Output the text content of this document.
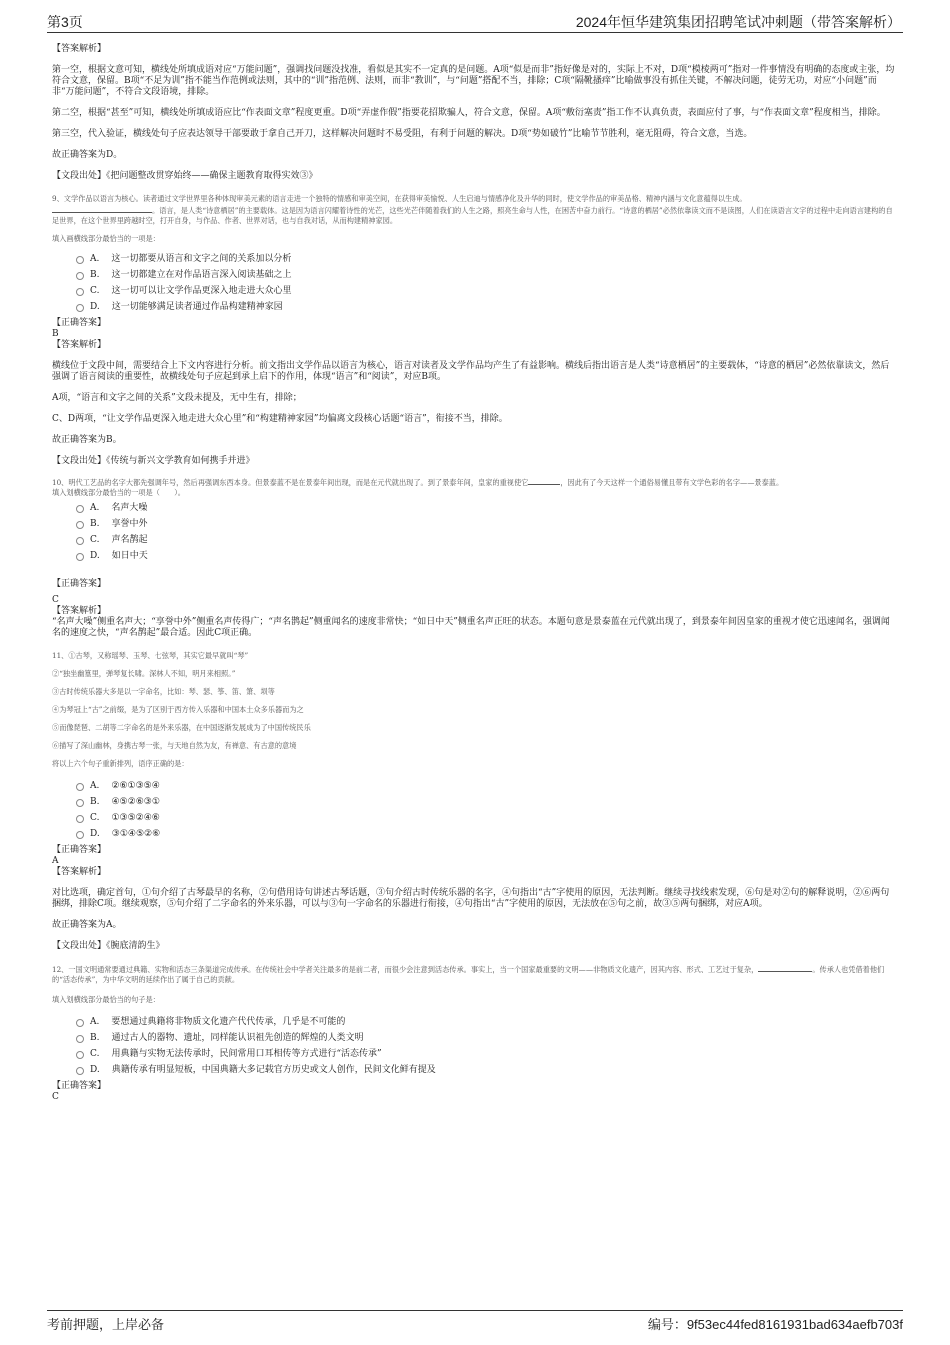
第3页	2024年恒华建筑集团招聘笔试冲刺题（带答案解析）

【答案解析】

第一空，根据文意可知，横线处所填成语对应“万能问题”，强调找问题没找准，看似是其实不一定真的是问题。A项“似是而非”指好像是对的，实际上不对，D项“模棱两可”指对一件事情没有明确的态度或主张，均符合文意，保留。B项“不足为训”指不能当作范例或法则，其中的“训”指范例、法则，而非“教训”，与“问题”搭配不当，排除；C项“隔靴搔痒”比喻做事没有抓住关键，不解决问题，徒劳无功，对应“小问题”而非“万能问题”，不符合文段语境，排除。

第二空，根据“甚至”可知，横线处所填成语应比“作表面文章”程度更重。D项“弄虚作假”指要花招欺骗人，符合文意，保留。A项“敷衍塞责”指工作不认真负责，表面应付了事，与“作表面文章”程度相当，排除。

第三空，代入验证，横线处句子应表达领导干部要敢于拿自己开刀，这样解决问题时不易受阻，有利于问题的解决。D项“势如破竹”比喻节节胜利，毫无阻碍，符合文意，当选。

故正确答案为D。

【文段出处】《把问题整改贯穿始终——确保主题教育取得实效③》

9、文学作品以语言为核心。读者通过文学世界里各种体现审美元素的语言走进一个独特的情感和审美空间，在获得审美愉悦、人生启迪与情感净化及升华的同时，使文学作品的审美品格、精神内涵与文化意蕴得以生成。
。语言，是人类“诗意栖居”的主要载体。这是因为语言闪耀着诗性的光芒，这些光芒伴随着我们的人生之路，照亮生命与人性，在困苦中奋力前行。“诗意的栖居”必然依靠读文而不是读图，人们在读语言文字的过程中走向语言建构的自足世界，在这个世界里跨越时空，打开自身，与作品、作者、世界对话，也与自我对话，从而构建精神家园。

填入画横线部分最恰当的一项是：

A. 这一切都要从语言和文字之间的关系加以分析
B. 这一切都建立在对作品语言深入阅读基础之上
C. 这一切可以让文学作品更深入地走进大众心里
D. 这一切能够满足读者通过作品构建精神家园

【正确答案】

B

【答案解析】

横线位于文段中间，需要结合上下文内容进行分析。前文指出文学作品以语言为核心，语言对读者及文学作品均产生了有益影响。横线后指出语言是人类“诗意栖居”的主要载体，“诗意的栖居”必然依靠读文，然后强调了语言阅读的重要性，故横线处句子应起到承上启下的作用，体现“语言”和“阅读”，对应B项。

A项，“语言和文字之间的关系”文段未提及，无中生有，排除；

C、D两项，“让文学作品更深入地走进大众心里”和“构建精神家园”均偏离文段核心话题“语言”，衔接不当，排除。

故正确答案为B。

【文段出处】《传统与新兴文学教育如何携手并进》

10、明代工艺品的名字大都先强调年号，然后再强调东西本身。但景泰蓝不是在景泰年间出现，而是在元代就出现了。到了景泰年间，皇家的重视使它	，因此有了今天这样一个通俗易懂且带有文学色彩的名字——景泰蓝。

填入划横线部分最恰当的一项是（　　）。

A. 名声大噪
B. 享誉中外
C. 声名鹊起
D. 如日中天

【正确答案】

C

【答案解析】

“名声大噪”侧重名声大；“享誉中外”侧重名声传得广；“声名鹊起”侧重闻名的速度非常快；“如日中天”侧重名声正旺的状态。本题句意是景泰蓝在元代就出现了，到景泰年间因皇家的重视才使它迅速闻名，强调闻名的速度之快，“声名鹊起”最合适。因此C项正确。

11、①古琴，又称瑶琴、玉琴、七弦琴，其实它最早就叫“琴”

②“独坐幽篁里，弹琴复长啸。深林人不知，明月来相照。”

③古时传统乐器大多是以一字命名，比如：琴、瑟、筝、笛、箫、埙等

④为琴冠上“古”之前缀，是为了区别于西方传入乐器和中国本土众多乐器而为之

⑤而像琵琶、二胡等二字命名的是外来乐器，在中国逐渐发展成为了中国传统民乐

⑥描写了深山幽林，身携古琴一张，与天地自然为友，有禅意、有古意的意境

将以上六个句子重新排列，语序正确的是：

A. ②⑥①③⑤④
B. ④⑤②⑥③①
C. ①③⑤②④⑥
D. ③①④⑤②⑥

【正确答案】

A

【答案解析】

对比选项，确定首句，①句介绍了古琴最早的名称，②句借用诗句讲述古琴话题，③句介绍古时传统乐器的名字，④句指出“古”字使用的原因，无法判断。继续寻找线索发现，⑥句是对②句的解释说明，②⑥两句捆绑，排除C项。继续观察，⑤句介绍了二字命名的外来乐器，可以与③句一字命名的乐器进行衔接，④句指出“古”字使用的原因，无法放在⑤句之前，故③⑤两句捆绑，对应A项。

故正确答案为A。

【文段出处】《腕底清韵生》

12、一国文明通常要通过典籍、实物和活态三条渠道完成传承。在传统社会中学者关注最多的是前二者，而很少会注意到活态传承。事实上，当一个国家最重要的文明——非物质文化遗产，因其内容、形式、工艺过于复杂，	。传承人也凭借着他们的“活态传承”，为中华文明的延续作出了属于自己的贡献。

填入划横线部分最恰当的句子是：

A. 要想通过典籍将非物质文化遗产代代传承，几乎是不可能的
B. 通过古人的器物、遗址，同样能认识祖先创造的辉煌的人类文明
C. 用典籍与实物无法传承时，民间常用口耳相传等方式进行“活态传承”
D. 典籍传承有明显短板，中国典籍大多记载官方历史或文人创作，民间文化鲜有提及

【正确答案】

C

考前押题，上岸必备	编号：9f53ec44fed8161931bad634aefb703f
